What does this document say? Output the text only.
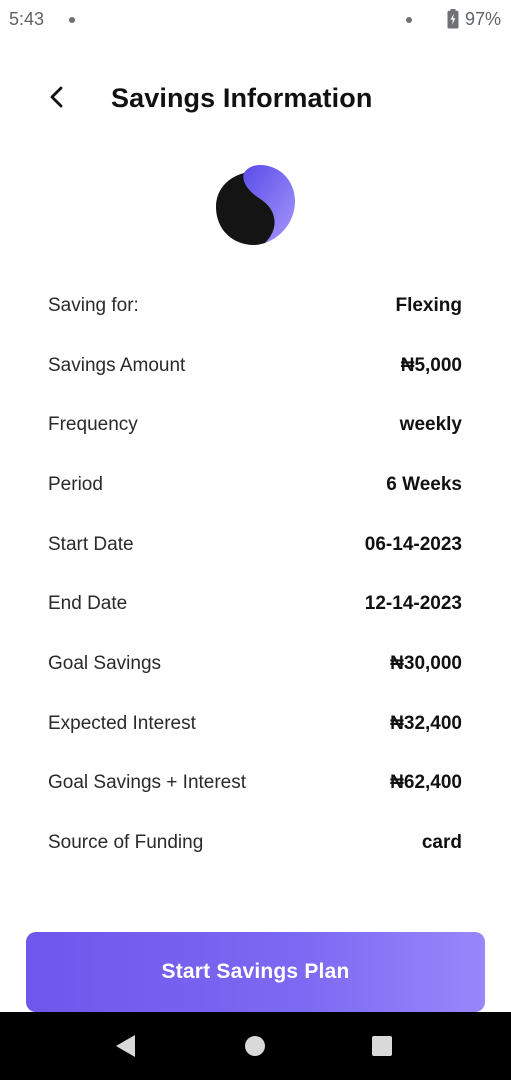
5:43	97%
Savings Information
Saving for:	Flexing
Savings Amount	₦5,000
Frequency	weekly
Period	6 Weeks
Start Date	06-14-2023
End Date	12-14-2023
Goal Savings	₦30,000
Expected Interest	₦32,400
Goal Savings + Interest	₦62,400
Source of Funding	card
Start Savings Plan
